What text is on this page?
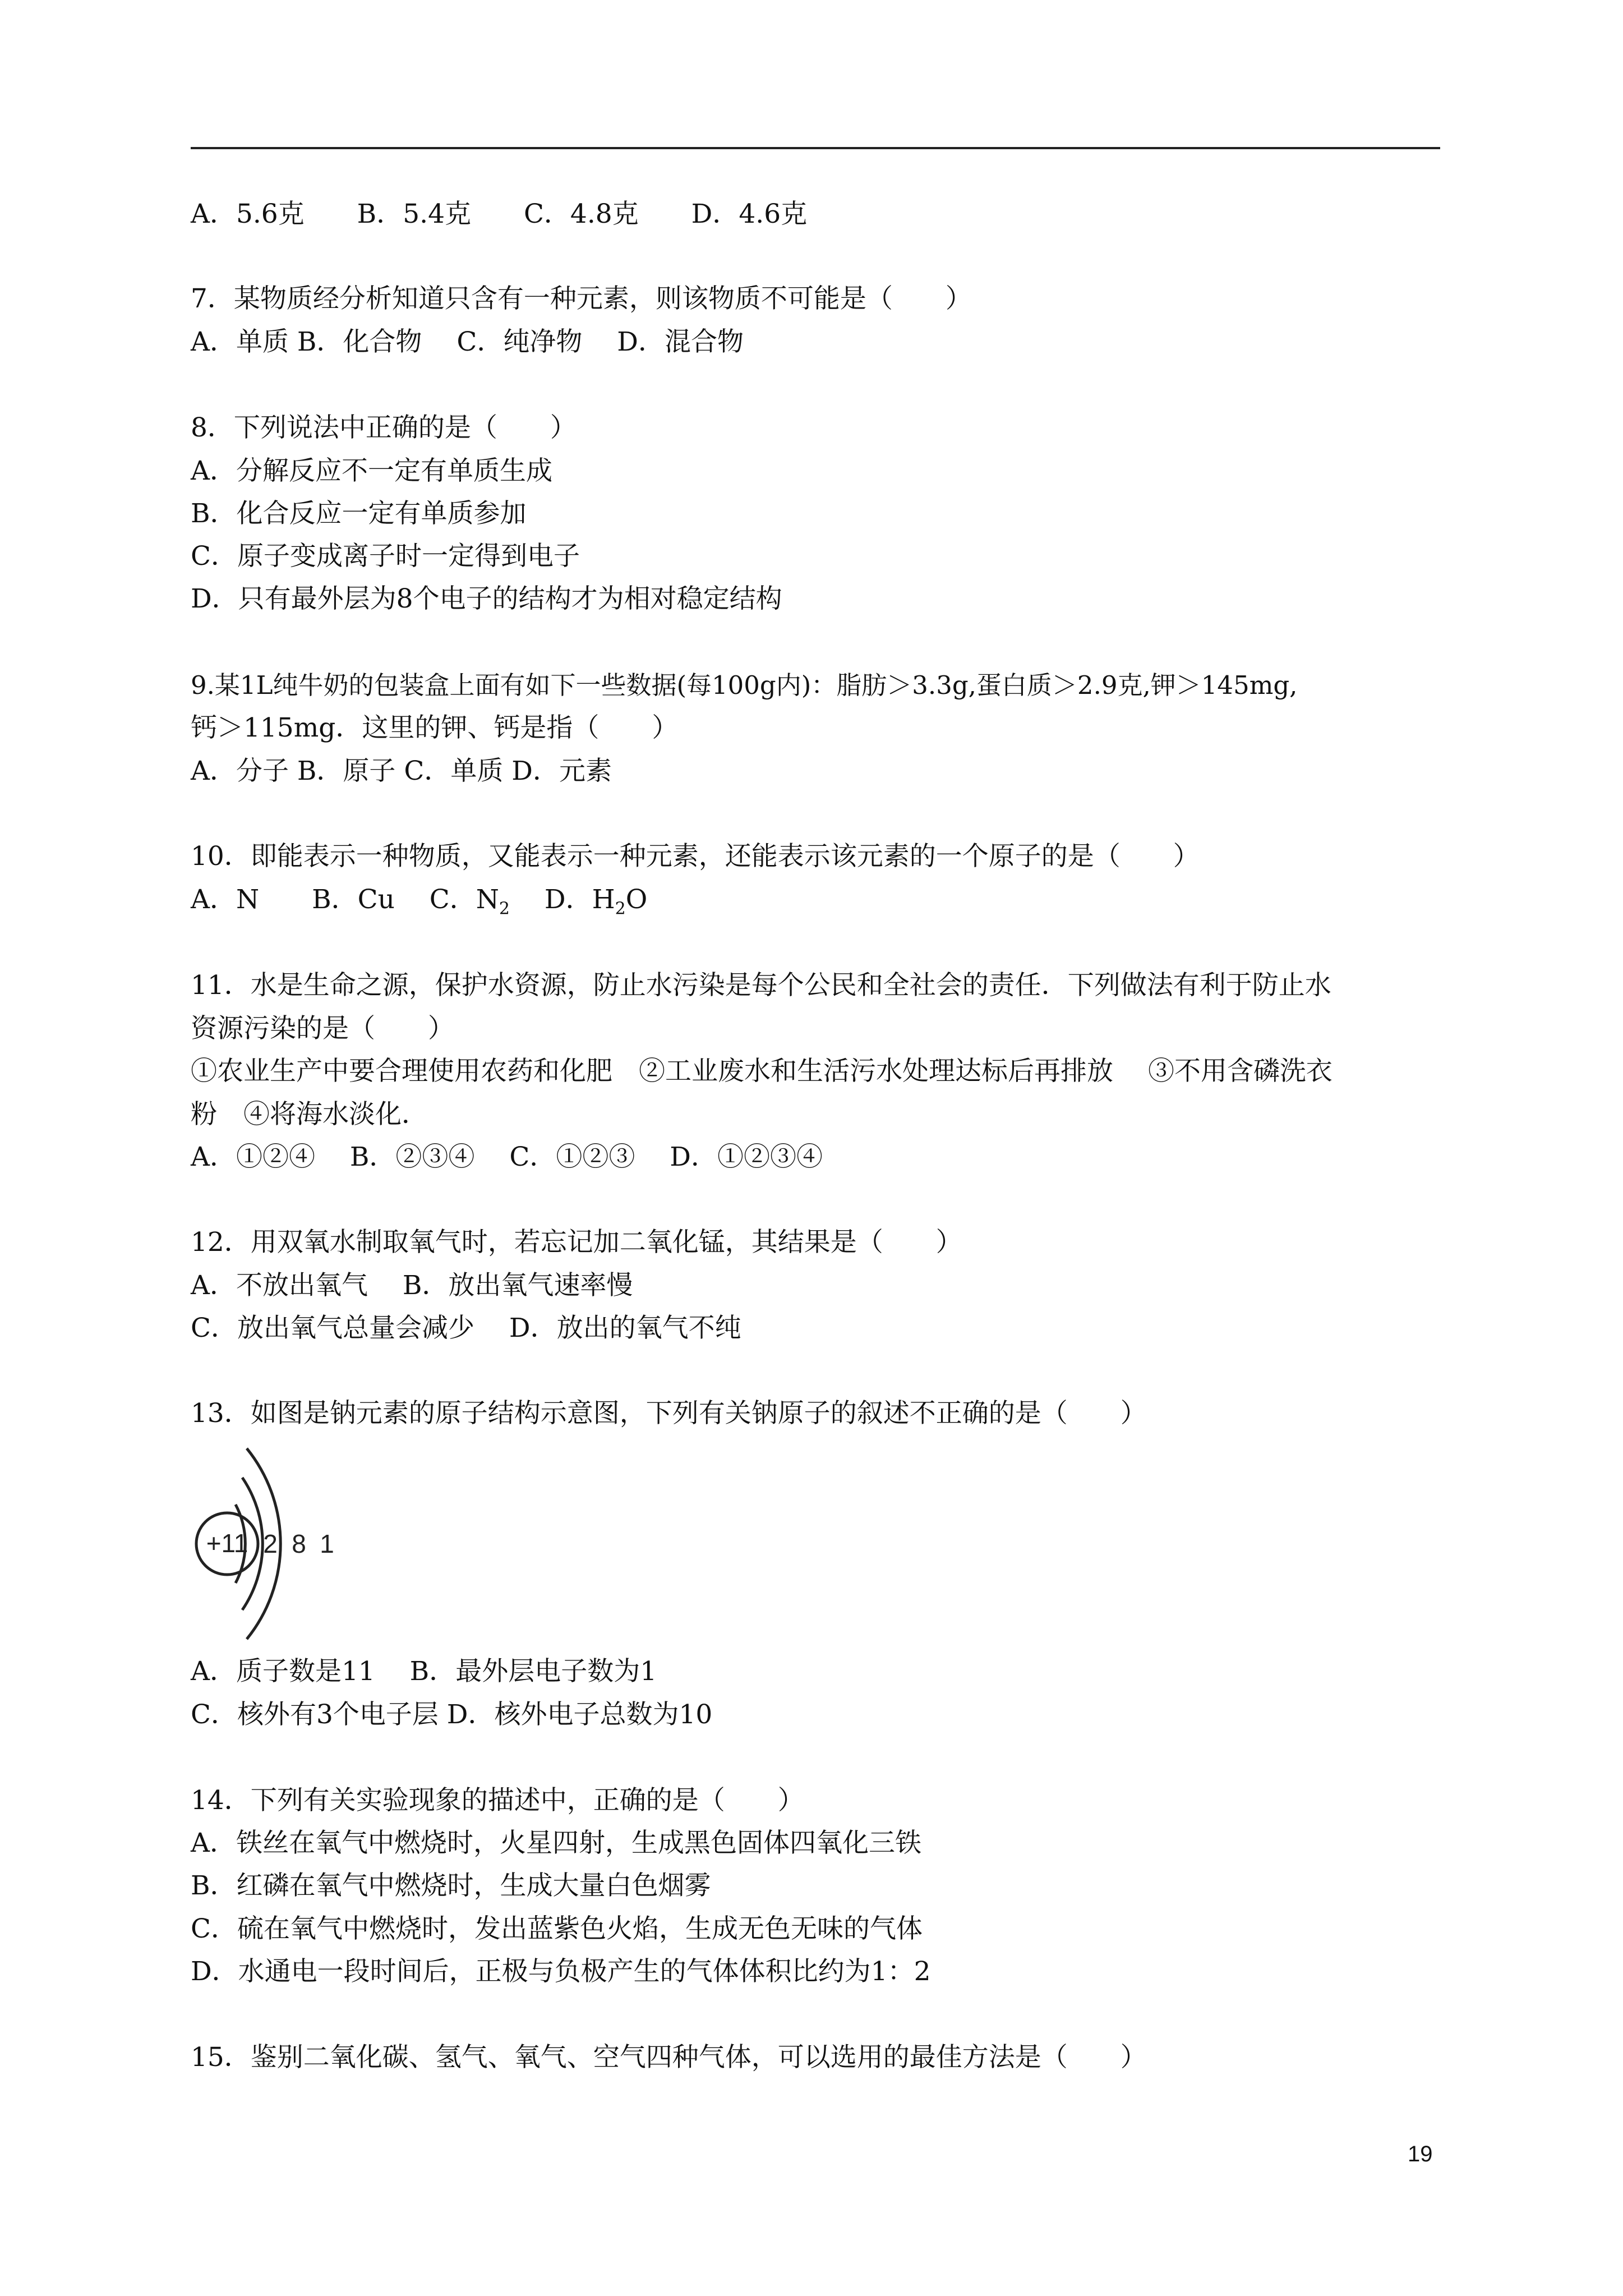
A．5.6克　　B．5.4克　　C．4.8克　　D．4.6克
7．某物质经分析知道只含有一种元素，则该物质不可能是（　　）
A．单质 B．化合物　 C．纯净物　 D．混合物
8．下列说法中正确的是（　　）
A．分解反应不一定有单质生成
B．化合反应一定有单质参加
C．原子变成离子时一定得到电子
D．只有最外层为8个电子的结构才为相对稳定结构
9.某1L纯牛奶的包装盒上面有如下一些数据(每100g内)：脂肪＞3.3g,蛋白质＞2.9克,钾＞145mg,
钙＞115mg．这里的钾、钙是指（　　）
A．分子 B．原子 C．单质 D．元素
10．即能表示一种物质，又能表示一种元素，还能表示该元素的一个原子的是（　　）
A．N　　B．Cu　 C．$N_2$　 D．$H_2O$
11．水是生命之源，保护水资源，防止水污染是每个公民和全社会的责任．下列做法有利于防止水
资源污染的是（　　）
①农业生产中要合理使用农药和化肥　②工业废水和生活污水处理达标后再排放　 ③不用含磷洗衣
粉　④将海水淡化．
A．①②④　 B．②③④　 C．①②③　 D．①②③④
12．用双氧水制取氧气时，若忘记加二氧化锰，其结果是（　　）
A．不放出氧气　 B．放出氧气速率慢
C．放出氧气总量会减少　 D．放出的氧气不纯
13．如图是钠元素的原子结构示意图，下列有关钠原子的叙述不正确的是（　　）
+11 2 8 1
A．质子数是11　 B．最外层电子数为1
C．核外有3个电子层 D．核外电子总数为10
14．下列有关实验现象的描述中，正确的是（　　）
A．铁丝在氧气中燃烧时，火星四射，生成黑色固体四氧化三铁
B．红磷在氧气中燃烧时，生成大量白色烟雾
C．硫在氧气中燃烧时，发出蓝紫色火焰，生成无色无味的气体
D．水通电一段时间后，正极与负极产生的气体体积比约为1：2
15．鉴别二氧化碳、氢气、氧气、空气四种气体，可以选用的最佳方法是（　　）
19
